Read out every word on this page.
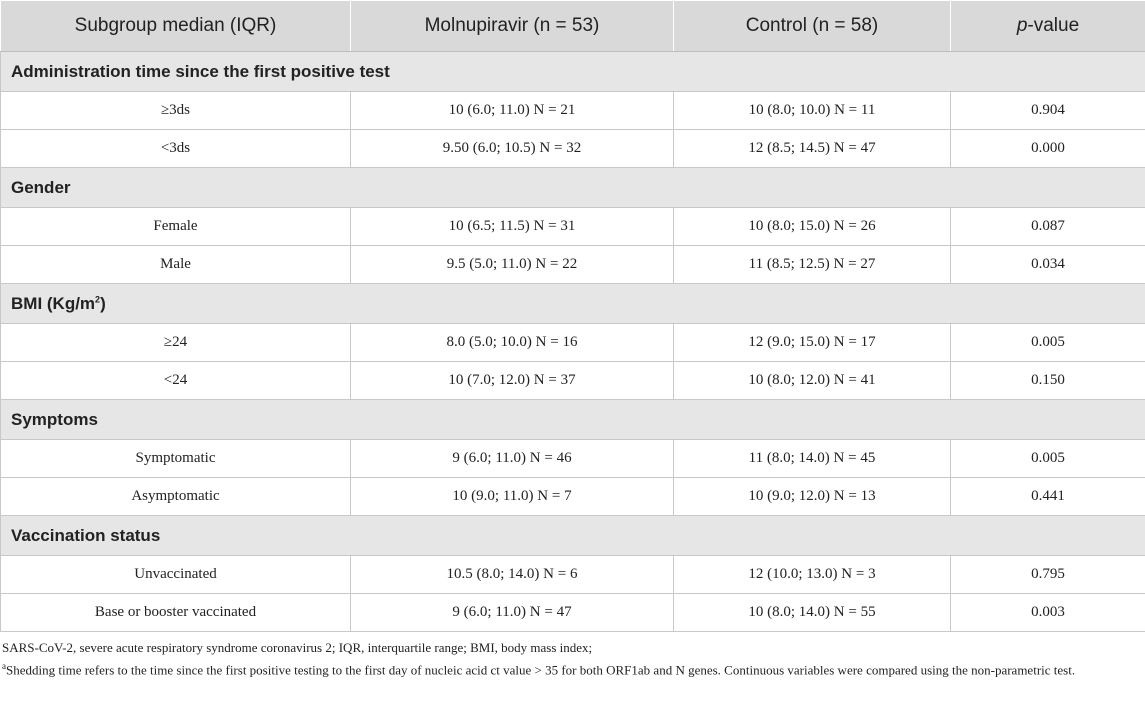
Subgroup median (IQR)	Molnupiravir (n = 53)	Control (n = 58)	p-value
Administration time since the first positive test			
≥3ds	10 (6.0; 11.0) N = 21	10 (8.0; 10.0) N = 11	0.904
<3ds	9.50 (6.0; 10.5) N = 32	12 (8.5; 14.5) N = 47	0.000
Gender			
Female	10 (6.5; 11.5) N = 31	10 (8.0; 15.0) N = 26	0.087
Male	9.5 (5.0; 11.0) N = 22	11 (8.5; 12.5) N = 27	0.034
BMI $(Kg/m^2)$			
≥24	8.0 (5.0; 10.0) N = 16	12 (9.0; 15.0) N = 17	0.005
<24	10 (7.0; 12.0) N = 37	10 (8.0; 12.0) N = 41	0.150
Symptoms			
Symptomatic	9 (6.0; 11.0) N = 46	11 (8.0; 14.0) N = 45	0.005
Asymptomatic	10 (9.0; 11.0) N = 7	10 (9.0; 12.0) N = 13	0.441
Vaccination status			
Unvaccinated	10.5 (8.0; 14.0) N = 6	12 (10.0; 13.0) N = 3	0.795
Base or booster vaccinated	9 (6.0; 11.0) N = 47	10 (8.0; 14.0) N = 55	0.003

SARS-CoV-2, severe acute respiratory syndrome coronavirus 2; IQR, interquartile range; BMI, body mass index;

$^a$Shedding time refers to the time since the first positive testing to the first day of nucleic acid ct value > 35 for both ORF1ab and N genes. Continuous variables were compared using the non-parametric test.
